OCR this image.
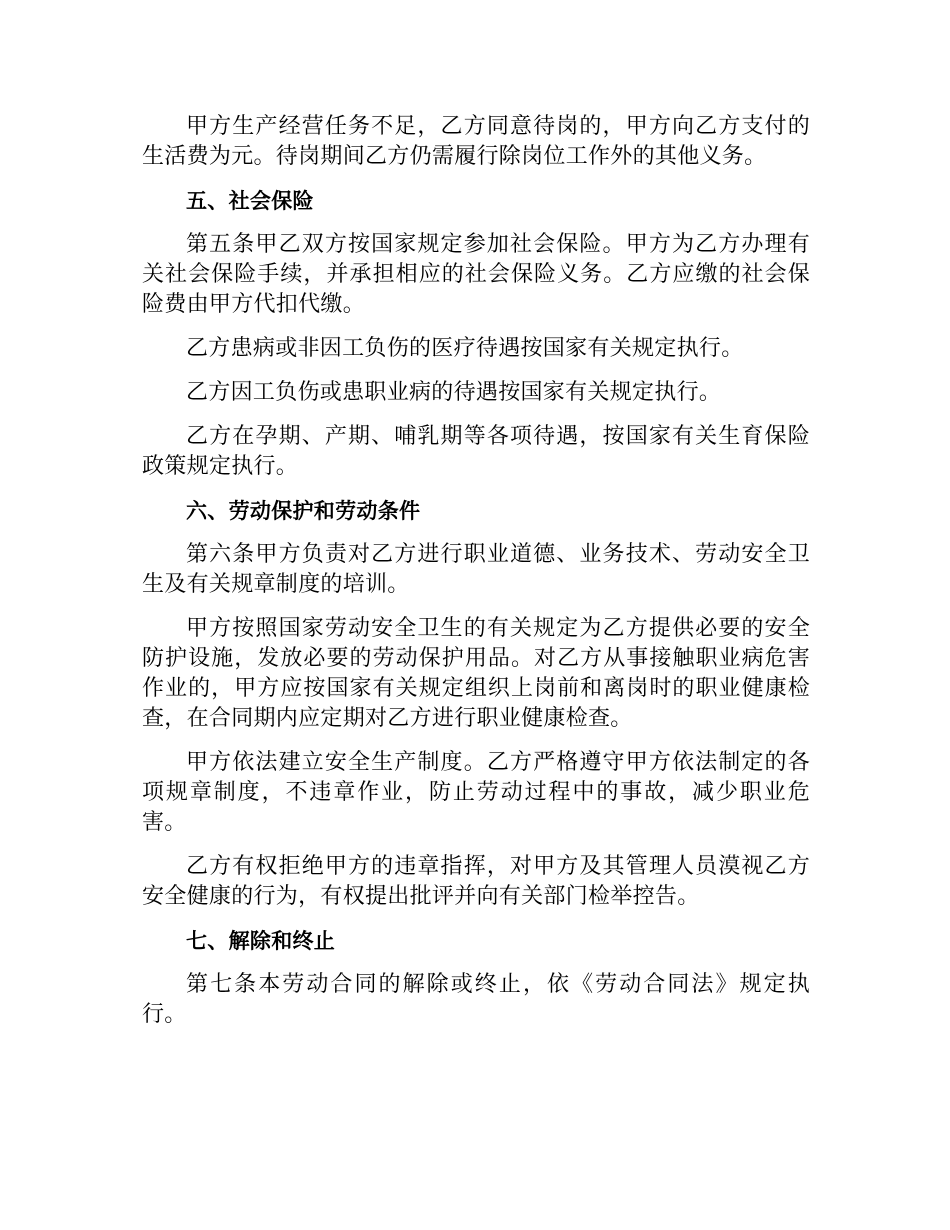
甲方生产经营任务不足，乙方同意待岗的，甲方向乙方支付的生活费为元。待岗期间乙方仍需履行除岗位工作外的其他义务。

五、社会保险

第五条甲乙双方按国家规定参加社会保险。甲方为乙方办理有关社会保险手续，并承担相应的社会保险义务。乙方应缴的社会保险费由甲方代扣代缴。

乙方患病或非因工负伤的医疗待遇按国家有关规定执行。

乙方因工负伤或患职业病的待遇按国家有关规定执行。

乙方在孕期、产期、哺乳期等各项待遇，按国家有关生育保险政策规定执行。

六、劳动保护和劳动条件

第六条甲方负责对乙方进行职业道德、业务技术、劳动安全卫生及有关规章制度的培训。

甲方按照国家劳动安全卫生的有关规定为乙方提供必要的安全防护设施，发放必要的劳动保护用品。对乙方从事接触职业病危害作业的，甲方应按国家有关规定组织上岗前和离岗时的职业健康检查，在合同期内应定期对乙方进行职业健康检查。

甲方依法建立安全生产制度。乙方严格遵守甲方依法制定的各项规章制度，不违章作业，防止劳动过程中的事故，减少职业危害。

乙方有权拒绝甲方的违章指挥，对甲方及其管理人员漠视乙方安全健康的行为，有权提出批评并向有关部门检举控告。

七、解除和终止

第七条本劳动合同的解除或终止，依《劳动合同法》规定执行。
